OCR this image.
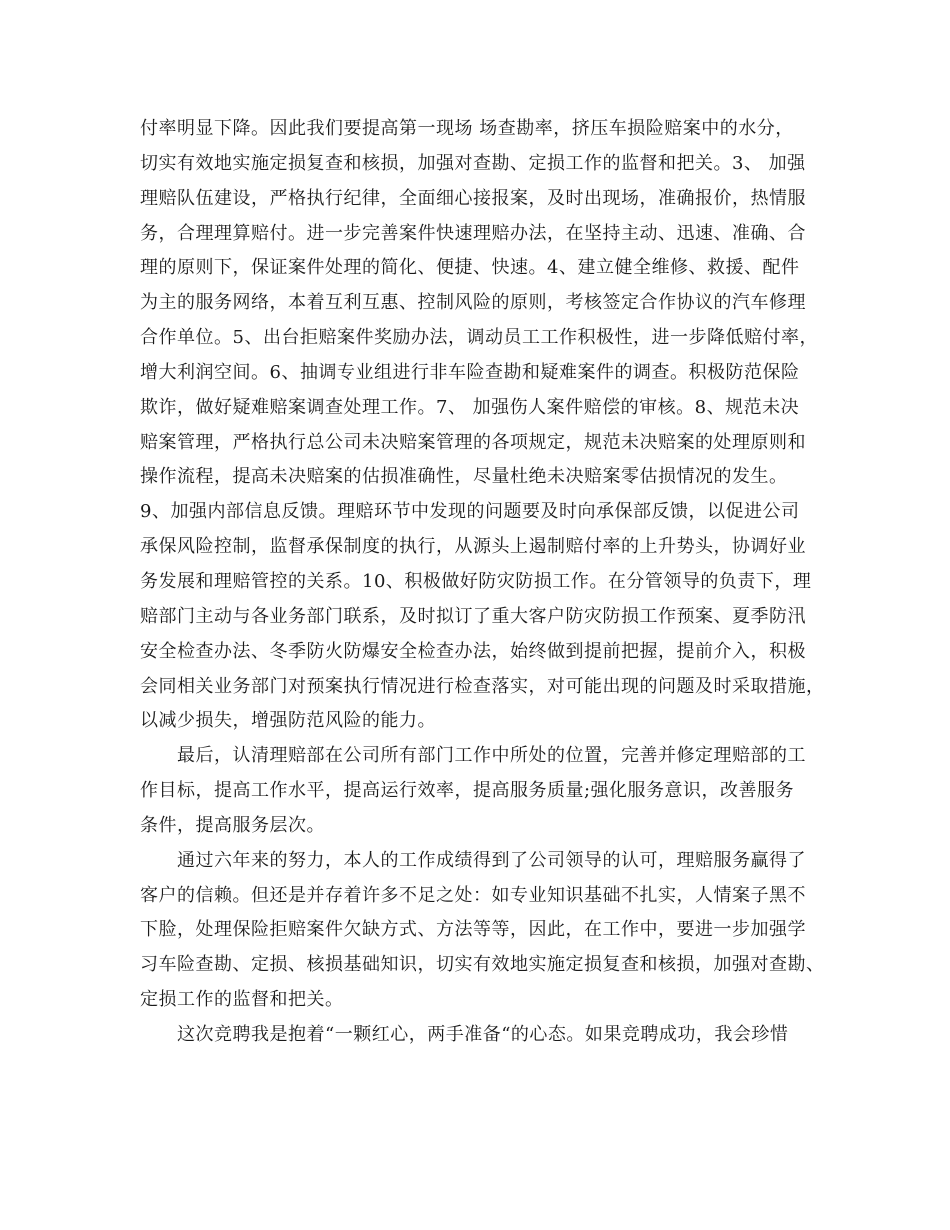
付率明显下降。因此我们要提高第一现场 场查勘率，挤压车损险赔案中的水分，
切实有效地实施定损复查和核损，加强对查勘、定损工作的监督和把关。3、 加强
理赔队伍建设，严格执行纪律，全面细心接报案，及时出现场，准确报价，热情服
务，合理理算赔付。进一步完善案件快速理赔办法，在坚持主动、迅速、准确、合
理的原则下，保证案件处理的简化、便捷、快速。4、建立健全维修、救援、配件
为主的服务网络，本着互利互惠、控制风险的原则，考核签定合作协议的汽车修理
合作单位。5、出台拒赔案件奖励办法，调动员工工作积极性，进一步降低赔付率，
增大利润空间。6、抽调专业组进行非车险查勘和疑难案件的调查。积极防范保险
欺诈，做好疑难赔案调查处理工作。7、 加强伤人案件赔偿的审核。8、规范未决
赔案管理，严格执行总公司未决赔案管理的各项规定，规范未决赔案的处理原则和
操作流程，提高未决赔案的估损准确性，尽量杜绝未决赔案零估损情况的发生。
9、加强内部信息反馈。理赔环节中发现的问题要及时向承保部反馈，以促进公司
承保风险控制，监督承保制度的执行，从源头上遏制赔付率的上升势头，协调好业
务发展和理赔管控的关系。10、积极做好防灾防损工作。在分管领导的负责下，理
赔部门主动与各业务部门联系，及时拟订了重大客户防灾防损工作预案、夏季防汛
安全检查办法、冬季防火防爆安全检查办法，始终做到提前把握，提前介入，积极
会同相关业务部门对预案执行情况进行检查落实，对可能出现的问题及时采取措施，
以减少损失，增强防范风险的能力。
　　最后，认清理赔部在公司所有部门工作中所处的位置，完善并修定理赔部的工
作目标，提高工作水平，提高运行效率，提高服务质量;强化服务意识，改善服务
条件，提高服务层次。
　　通过六年来的努力，本人的工作成绩得到了公司领导的认可，理赔服务赢得了
客户的信赖。但还是并存着许多不足之处：如专业知识基础不扎实，人情案子黑不
下脸，处理保险拒赔案件欠缺方式、方法等等，因此，在工作中，要进一步加强学
习车险查勘、定损、核损基础知识，切实有效地实施定损复查和核损，加强对查勘、
定损工作的监督和把关。
　　这次竞聘我是抱着“一颗红心，两手准备“的心态。如果竞聘成功，我会珍惜
